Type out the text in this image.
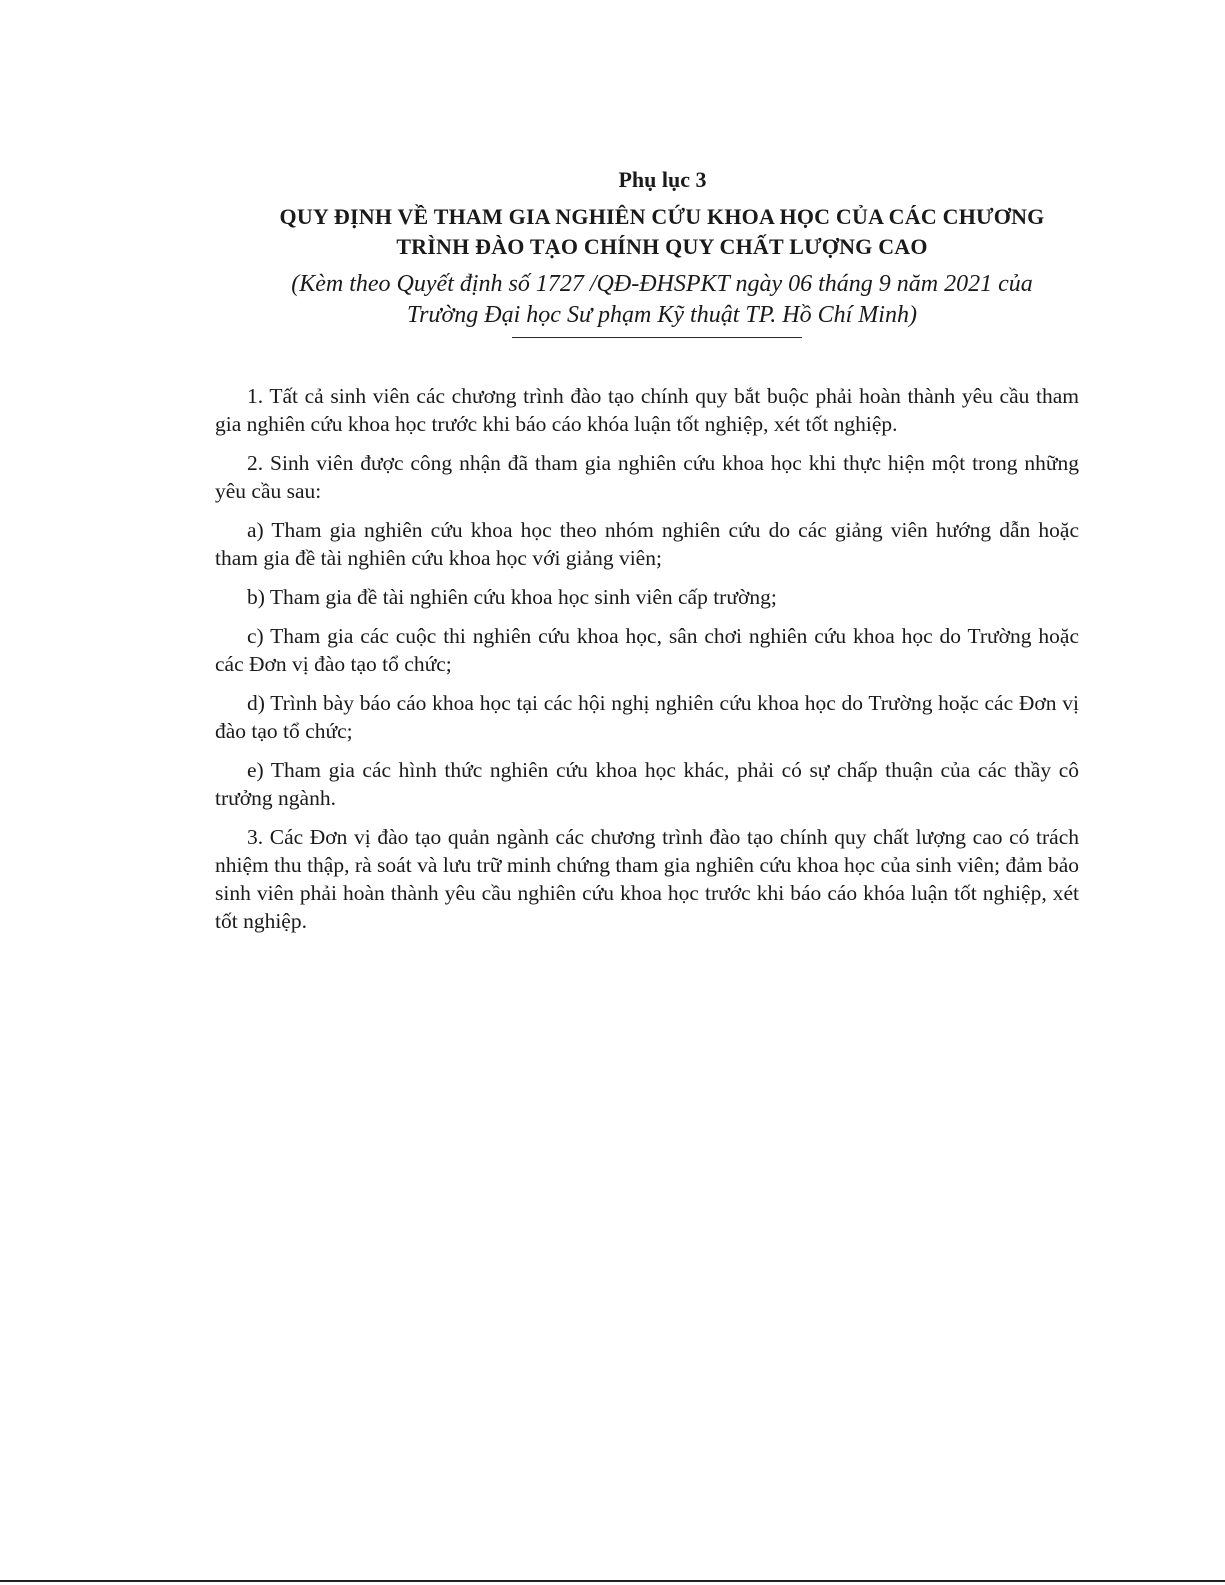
Phụ lục 3
QUY ĐỊNH VỀ THAM GIA NGHIÊN CỨU KHOA HỌC CỦA CÁC CHƯƠNG
TRÌNH ĐÀO TẠO CHÍNH QUY CHẤT LƯỢNG CAO
(Kèm theo Quyết định số 1727 /QĐ-ĐHSPKT ngày 06 tháng 9 năm 2021 của
Trường Đại học Sư phạm Kỹ thuật TP. Hồ Chí Minh)

1. Tất cả sinh viên các chương trình đào tạo chính quy bắt buộc phải hoàn thành yêu cầu tham gia nghiên cứu khoa học trước khi báo cáo khóa luận tốt nghiệp, xét tốt nghiệp.

2. Sinh viên được công nhận đã tham gia nghiên cứu khoa học khi thực hiện một trong những yêu cầu sau:

a) Tham gia nghiên cứu khoa học theo nhóm nghiên cứu do các giảng viên hướng dẫn hoặc tham gia đề tài nghiên cứu khoa học với giảng viên;

b) Tham gia đề tài nghiên cứu khoa học sinh viên cấp trường;

c) Tham gia các cuộc thi nghiên cứu khoa học, sân chơi nghiên cứu khoa học do Trường hoặc các Đơn vị đào tạo tổ chức;

d) Trình bày báo cáo khoa học tại các hội nghị nghiên cứu khoa học do Trường hoặc các Đơn vị đào tạo tổ chức;

e) Tham gia các hình thức nghiên cứu khoa học khác, phải có sự chấp thuận của các thầy cô trưởng ngành.

3. Các Đơn vị đào tạo quản ngành các chương trình đào tạo chính quy chất lượng cao có trách nhiệm thu thập, rà soát và lưu trữ minh chứng tham gia nghiên cứu khoa học của sinh viên; đảm bảo sinh viên phải hoàn thành yêu cầu nghiên cứu khoa học trước khi báo cáo khóa luận tốt nghiệp, xét tốt nghiệp.
